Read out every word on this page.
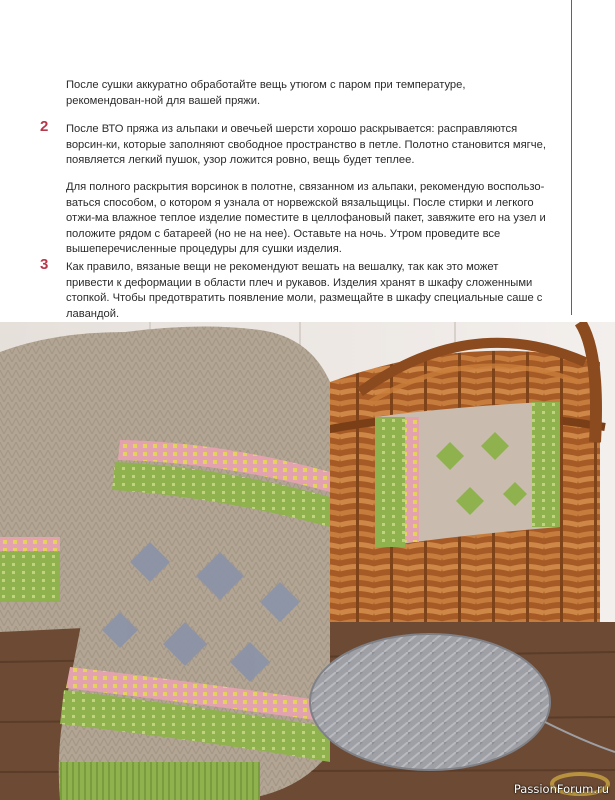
После сушки аккуратно обработайте вещь утюгом с паром при температуре, рекомендован-ной для вашей пряжи.

2 После ВТО пряжа из альпаки и овечьей шерсти хорошо раскрывается: расправляются ворсин-ки, которые заполняют свободное пространство в петле. Полотно становится мягче, появляется легкий пушок, узор ложится ровно, вещь будет теплее.

Для полного раскрытия ворсинок в полотне, связанном из альпаки, рекомендую воспользо-ваться способом, о котором я узнала от норвежской вязальщицы. После стирки и легкого отжи-ма влажное теплое изделие поместите в целлофановый пакет, завяжите его на узел и положите рядом с батареей (но не на нее). Оставьте на ночь. Утром проведите все вышеперечисленные процедуры для сушки изделия.

3 Как правило, вязаные вещи не рекомендуют вешать на вешалку, так как это может привести к деформации в области плеч и рукавов. Изделия хранят в шкафу сложенными стопкой. Чтобы предотвратить появление моли, размещайте в шкафу специальные саше с лавандой.

PassionForum.ru
